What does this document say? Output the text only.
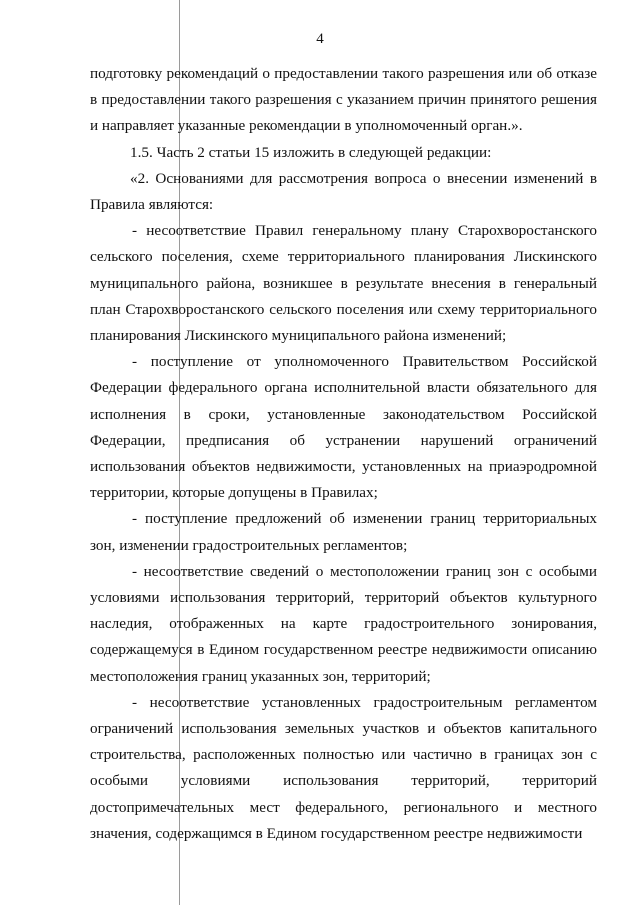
4

подготовку рекомендаций о предоставлении такого разрешения или об отказе в предоставлении такого разрешения с указанием причин принятого решения и направляет указанные рекомендации в уполномоченный орган.».

1.5. Часть 2 статьи 15 изложить в следующей редакции:

«2. Основаниями для рассмотрения вопроса о внесении изменений в Правила являются:

- несоответствие Правил генеральному плану Старохворостанского сельского поселения, схеме территориального планирования Лискинского муниципального района, возникшее в результате внесения в генеральный план Старохворостанского сельского поселения или схему территориального планирования Лискинского муниципального района изменений;

- поступление от уполномоченного Правительством Российской Федерации федерального органа исполнительной власти обязательного для исполнения в сроки, установленные законодательством Российской Федерации, предписания об устранении нарушений ограничений использования объектов недвижимости, установленных на приаэродромной территории, которые допущены в Правилах;

- поступление предложений об изменении границ территориальных зон, изменении градостроительных регламентов;

- несоответствие сведений о местоположении границ зон с особыми условиями использования территорий, территорий объектов культурного наследия, отображенных на карте градостроительного зонирования, содержащемуся в Едином государственном реестре недвижимости описанию местоположения границ указанных зон, территорий;

- несоответствие установленных градостроительным регламентом ограничений использования земельных участков и объектов капитального строительства, расположенных полностью или частично в границах зон с особыми условиями использования территорий, территорий достопримечательных мест федерального, регионального и местного значения, содержащимся в Едином государственном реестре недвижимости
